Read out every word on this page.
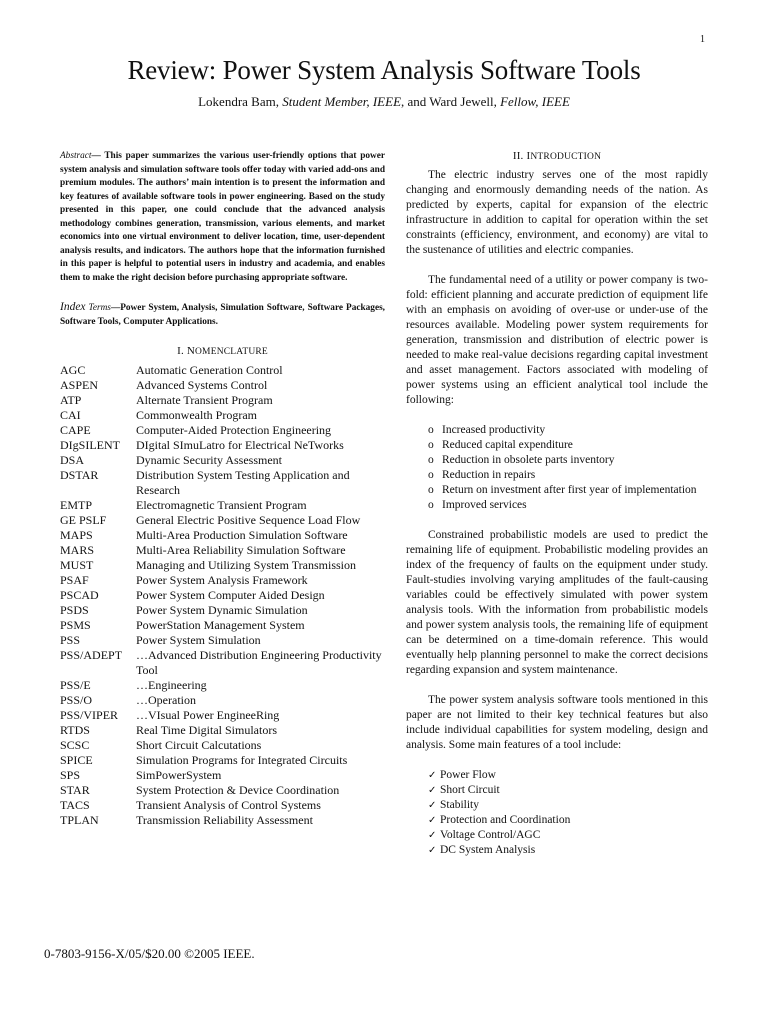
1
Review: Power System Analysis Software Tools
Lokendra Bam, Student Member, IEEE, and Ward Jewell, Fellow, IEEE

Abstract— This paper summarizes the various user-friendly options that power system analysis and simulation software tools offer today with varied add-ons and premium modules. The authors’ main intention is to present the information and key features of available software tools in power engineering. Based on the study presented in this paper, one could conclude that the advanced analysis methodology combines generation, transmission, various elements, and market economics into one virtual environment to deliver location, time, user-dependent analysis results, and indicators. The authors hope that the information furnished in this paper is helpful to potential users in industry and academia, and enables them to make the right decision before purchasing appropriate software.

Index Terms—Power System, Analysis, Simulation Software, Software Packages, Software Tools, Computer Applications.

I. NOMENCLATURE

AGC	Automatic Generation Control
ASPEN	Advanced Systems Control
ATP	Alternate Transient Program
CAI	Commonwealth Program
CAPE	Computer-Aided Protection Engineering
DIgSILENT	DIgital SImuLatro for Electrical NeTworks
DSA	Dynamic Security Assessment
DSTAR	Distribution System Testing Application and Research
EMTP	Electromagnetic Transient Program
GE PSLF	General Electric Positive Sequence Load Flow
MAPS	Multi-Area Production Simulation Software
MARS	Multi-Area Reliability Simulation Software
MUST	Managing and Utilizing System Transmission
PSAF	Power System Analysis Framework
PSCAD	Power System Computer Aided Design
PSDS	Power System Dynamic Simulation
PSMS	PowerStation Management System
PSS	Power System Simulation
PSS/ADEPT	…Advanced Distribution Engineering Productivity Tool
PSS/E	…Engineering
PSS/O	…Operation
PSS/VIPER	…VIsual Power EngineeRing
RTDS	Real Time Digital Simulators
SCSC	Short Circuit Calcutations
SPICE	Simulation Programs for Integrated Circuits
SPS	SimPowerSystem
STAR	System Protection & Device Coordination
TACS	Transient Analysis of Control Systems
TPLAN	Transmission Reliability Assessment

II. INTRODUCTION

The electric industry serves one of the most rapidly changing and enormously demanding needs of the nation. As predicted by experts, capital for expansion of the electric infrastructure in addition to capital for operation within the set constraints (efficiency, environment, and economy) are vital to the sustenance of utilities and electric companies.

The fundamental need of a utility or power company is two-fold: efficient planning and accurate prediction of equipment life with an emphasis on avoiding of over-use or under-use of the resources available. Modeling power system requirements for generation, transmission and distribution of electric power is needed to make real-value decisions regarding capital investment and asset management. Factors associated with modeling of power systems using an efficient analytical tool include the following:

o Increased productivity
o Reduced capital expenditure
o Reduction in obsolete parts inventory
o Reduction in repairs
o Return on investment after first year of implementation
o Improved services

Constrained probabilistic models are used to predict the remaining life of equipment. Probabilistic modeling provides an index of the frequency of faults on the equipment under study. Fault-studies involving varying amplitudes of the fault-causing variables could be effectively simulated with power system analysis tools. With the information from probabilistic models and power system analysis tools, the remaining life of equipment can be determined on a time-domain reference. This would eventually help planning personnel to make the correct decisions regarding expansion and system maintenance.

The power system analysis software tools mentioned in this paper are not limited to their key technical features but also include individual capabilities for system modeling, design and analysis. Some main features of a tool include:

✓ Power Flow
✓ Short Circuit
✓ Stability
✓ Protection and Coordination
✓ Voltage Control/AGC
✓ DC System Analysis
0-7803-9156-X/05/$20.00 ©2005 IEEE.
